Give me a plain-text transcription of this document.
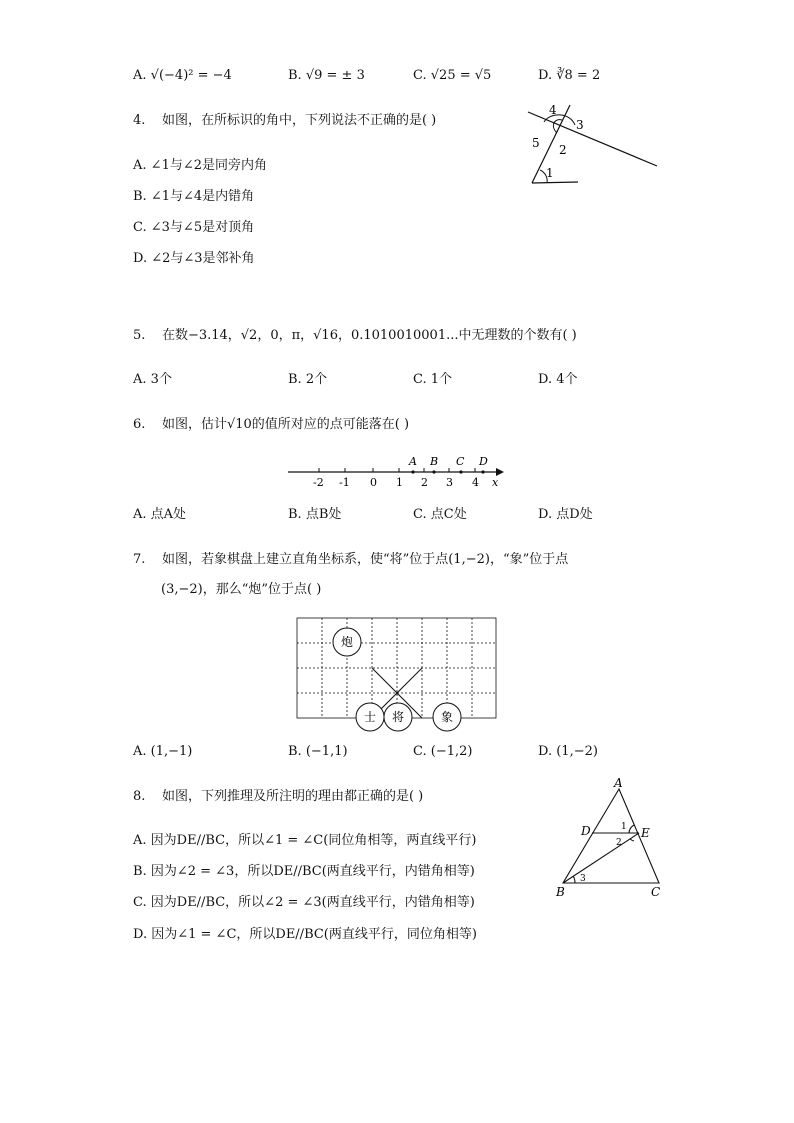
A. √(−4)² = −4	B. √9 = ± 3	C. √25 = √5	D. ∛8 = 2
4. 如图，在所标识的角中，下列说法不正确的是( )
A. ∠1与∠2是同旁内角
B. ∠1与∠4是内错角
C. ∠3与∠5是对顶角
D. ∠2与∠3是邻补角
4
3
5 2
1
5. 在数−3.14，√2，0，π，√16，0.1010010001...中无理数的个数有( )
A. 3个	B. 2个	C. 1个	D. 4个
6. 如图，估计√10的值所对应的点可能落在( )
-2 -1 0 1 2 3 4 x
A B C D
A. 点A处	B. 点B处	C. 点C处	D. 点D处
7. 如图，若象棋盘上建立直角坐标系，使“将”位于点(1,−2)，“象”位于点
(3,−2)，那么“炮”位于点( )
炮
士 将	象
A. (1,−1)	B. (−1,1)	C. (−1,2)	D. (1,−2)
8. 如图，下列推理及所注明的理由都正确的是( )
A. 因为DE//BC，所以∠1 = ∠C(同位角相等，两直线平行)
B. 因为∠2 = ∠3，所以DE//BC(两直线平行，内错角相等)
C. 因为DE//BC，所以∠2 = ∠3(两直线平行，内错角相等)
D. 因为∠1 = ∠C，所以DE//BC(两直线平行，同位角相等)
A
D	E
B	C
1
2
3
